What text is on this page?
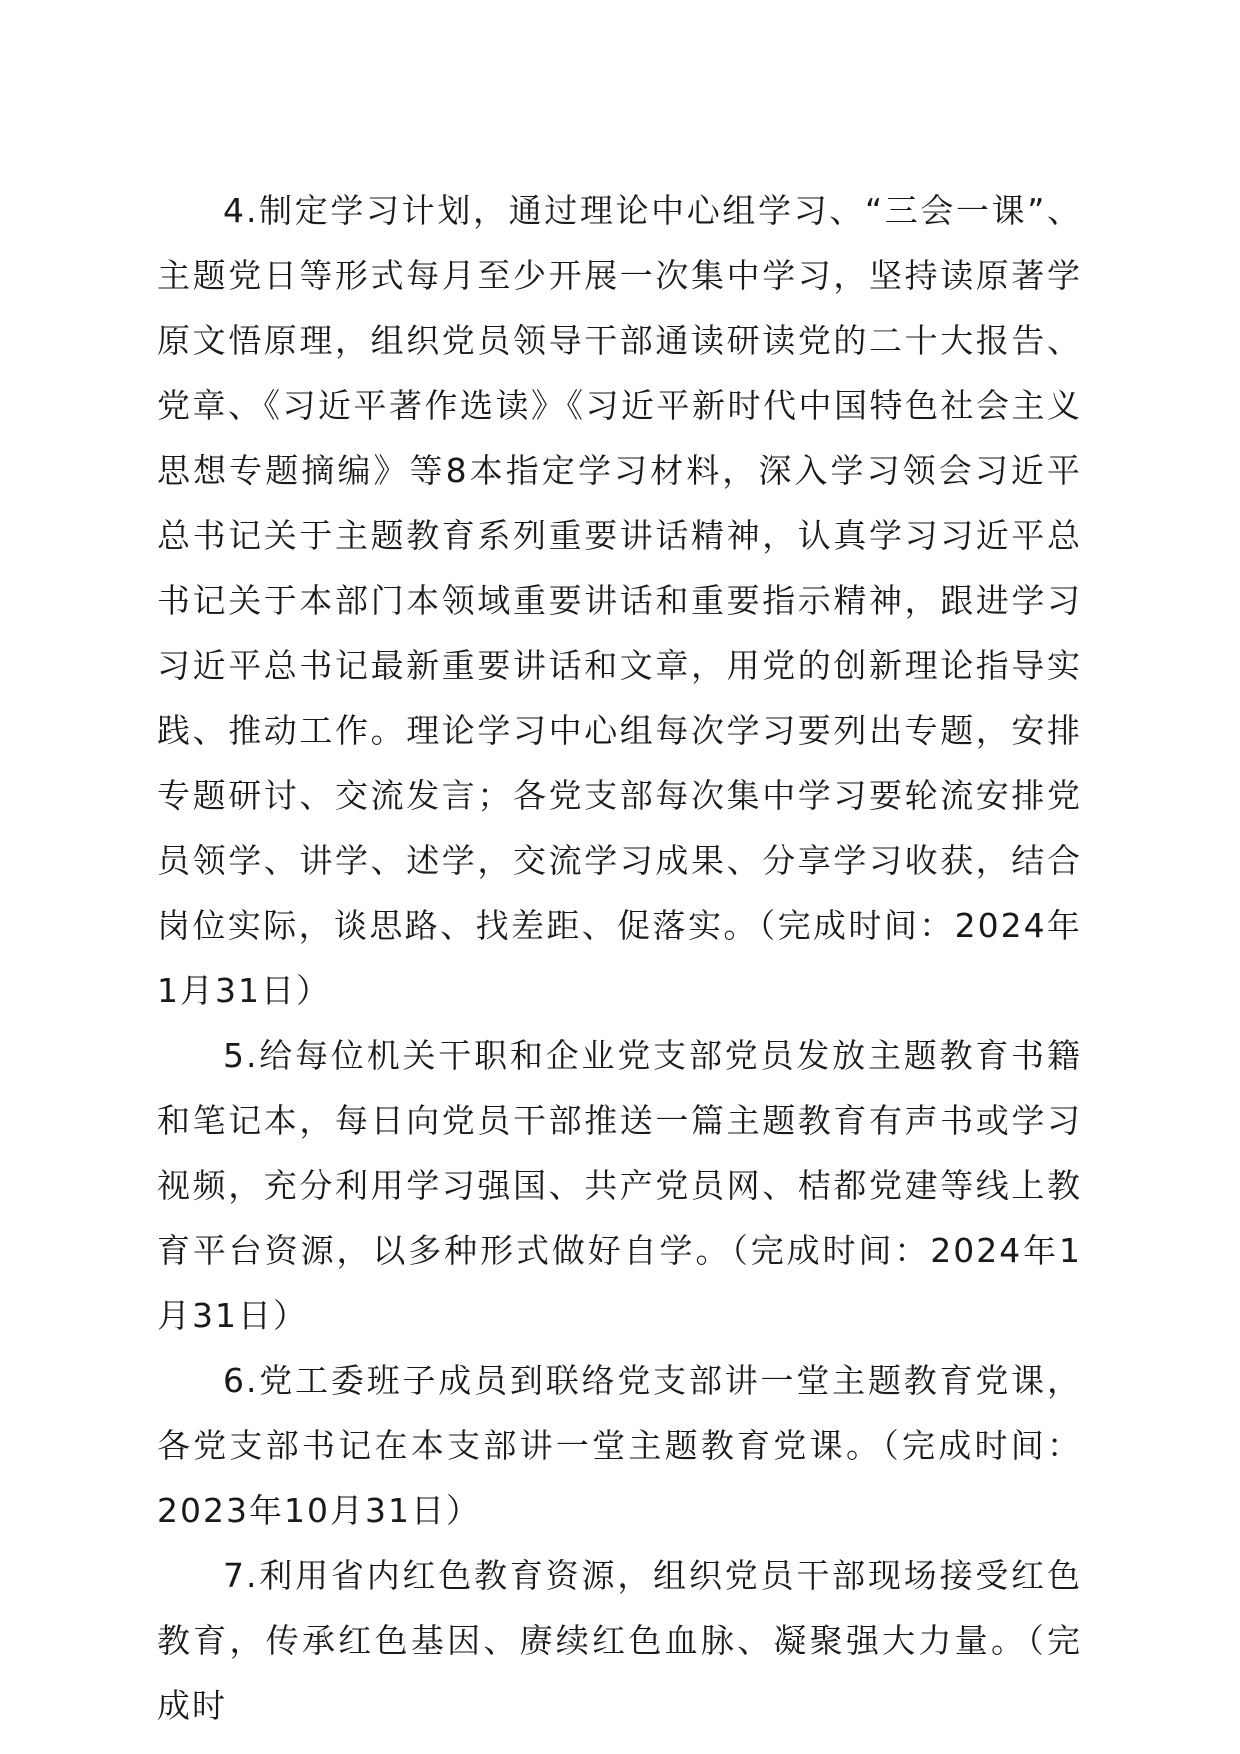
4.制定学习计划，通过理论中心组学习、“三会一课”、主题党日等形式每月至少开展一次集中学习，坚持读原著学原文悟原理，组织党员领导干部通读研读党的二十大报告、党章、《习近平著作选读》《习近平新时代中国特色社会主义思想专题摘编》等8本指定学习材料，深入学习领会习近平总书记关于主题教育系列重要讲话精神，认真学习习近平总书记关于本部门本领域重要讲话和重要指示精神，跟进学习习近平总书记最新重要讲话和文章，用党的创新理论指导实践、推动工作。理论学习中心组每次学习要列出专题，安排专题研讨、交流发言；各党支部每次集中学习要轮流安排党员领学、讲学、述学，交流学习成果、分享学习收获，结合岗位实际，谈思路、找差距、促落实。（完成时间：2024年1月31日）

5.给每位机关干职和企业党支部党员发放主题教育书籍和笔记本，每日向党员干部推送一篇主题教育有声书或学习视频，充分利用学习强国、共产党员网、桔都党建等线上教育平台资源，以多种形式做好自学。（完成时间：2024年1月31日）

6.党工委班子成员到联络党支部讲一堂主题教育党课，各党支部书记在本支部讲一堂主题教育党课。（完成时间：2023年10月31日）

7.利用省内红色教育资源，组织党员干部现场接受红色教育，传承红色基因、赓续红色血脉、凝聚强大力量。（完成时
